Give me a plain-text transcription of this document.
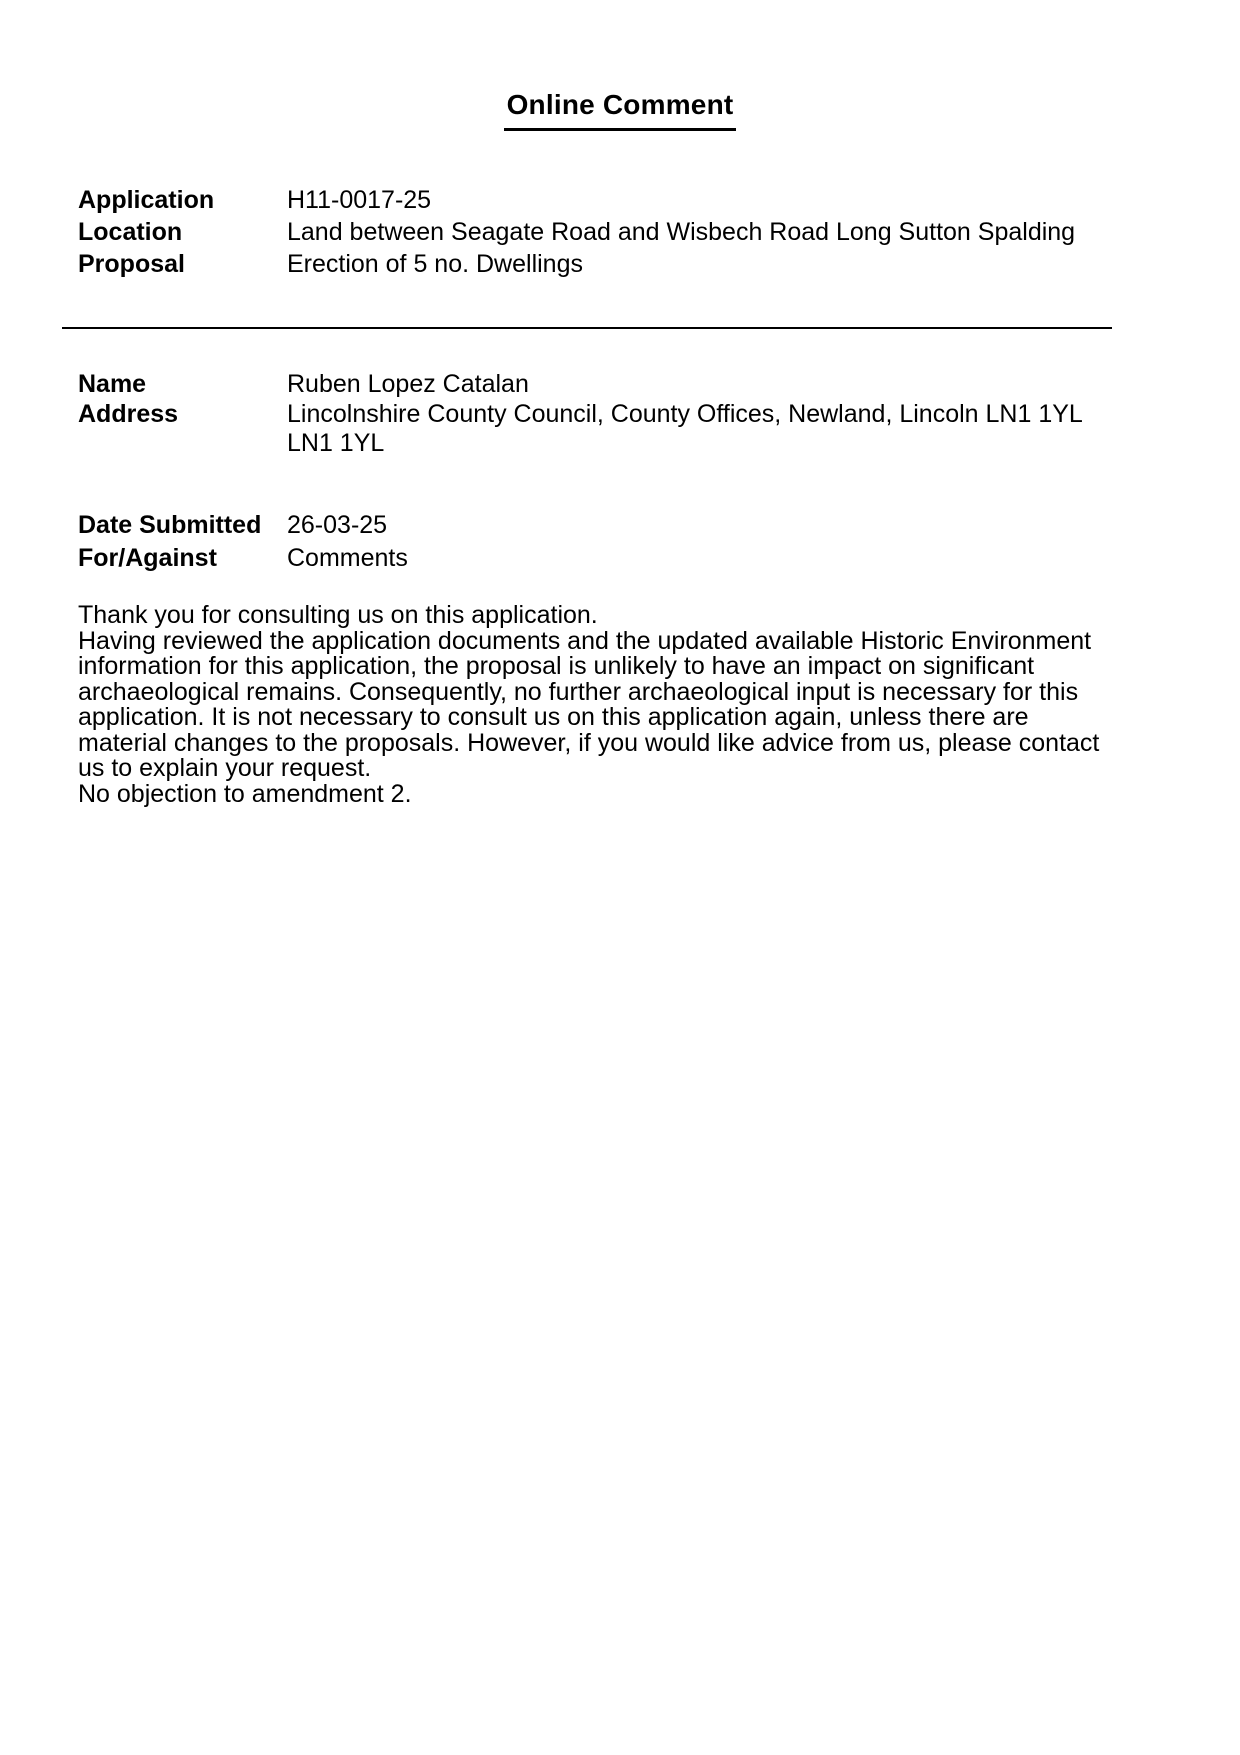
Online Comment
Application	H11-0017-25
Location	Land between Seagate Road and Wisbech Road Long Sutton Spalding
Proposal	Erection of 5 no. Dwellings
Name	Ruben Lopez Catalan
Address	Lincolnshire County Council, County Offices, Newland, Lincoln LN1 1YL
LN1 1YL
Date Submitted	26-03-25
For/Against	Comments

Thank you for consulting us on this application.

Having reviewed the application documents and the updated available Historic Environment information for this application, the proposal is unlikely to have an impact on significant archaeological remains. Consequently, no further archaeological input is necessary for this application. It is not necessary to consult us on this application again, unless there are material changes to the proposals. However, if you would like advice from us, please contact us to explain your request.

No objection to amendment 2.
